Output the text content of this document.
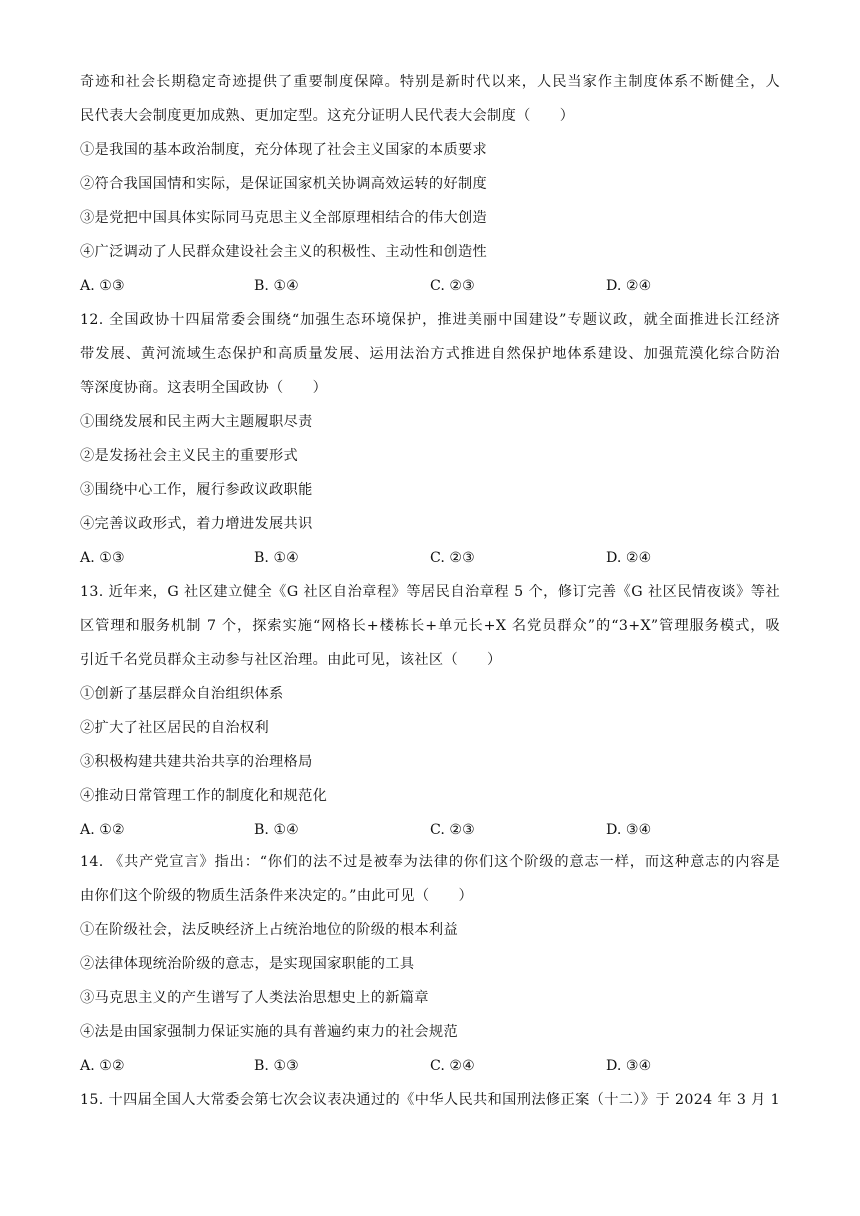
奇迹和社会长期稳定奇迹提供了重要制度保障。特别是新时代以来，人民当家作主制度体系不断健全，人
民代表大会制度更加成熟、更加定型。这充分证明人民代表大会制度（　　）
①是我国的基本政治制度，充分体现了社会主义国家的本质要求
②符合我国国情和实际，是保证国家机关协调高效运转的好制度
③是党把中国具体实际同马克思主义全部原理相结合的伟大创造
④广泛调动了人民群众建设社会主义的积极性、主动性和创造性
A. ①③	B. ①④	C. ②③	D. ②④
12. 全国政协十四届常委会围绕“加强生态环境保护，推进美丽中国建设”专题议政，就全面推进长江经济
带发展、黄河流域生态保护和高质量发展、运用法治方式推进自然保护地体系建设、加强荒漠化综合防治
等深度协商。这表明全国政协（　　）
①围绕发展和民主两大主题履职尽责
②是发扬社会主义民主的重要形式
③围绕中心工作，履行参政议政职能
④完善议政形式，着力增进发展共识
A. ①③	B. ①④	C. ②③	D. ②④
13. 近年来，G 社区建立健全《G 社区自治章程》等居民自治章程 5 个，修订完善《G 社区民情夜谈》等社
区管理和服务机制 7 个，探索实施“网格长+楼栋长+单元长+X 名党员群众”的“3+X”管理服务模式，吸
引近千名党员群众主动参与社区治理。由此可见，该社区（　　）
①创新了基层群众自治组织体系
②扩大了社区居民的自治权利
③积极构建共建共治共享的治理格局
④推动日常管理工作的制度化和规范化
A. ①②	B. ①④	C. ②③	D. ③④
14. 《共产党宣言》指出：“你们的法不过是被奉为法律的你们这个阶级的意志一样，而这种意志的内容是
由你们这个阶级的物质生活条件来决定的。”由此可见（　　）
①在阶级社会，法反映经济上占统治地位的阶级的根本利益
②法律体现统治阶级的意志，是实现国家职能的工具
③马克思主义的产生谱写了人类法治思想史上的新篇章
④法是由国家强制力保证实施的具有普遍约束力的社会规范
A. ①②	B. ①③	C. ②④	D. ③④
15. 十四届全国人大常委会第七次会议表决通过的《中华人民共和国刑法修正案（十二）》于 2024 年 3 月 1
